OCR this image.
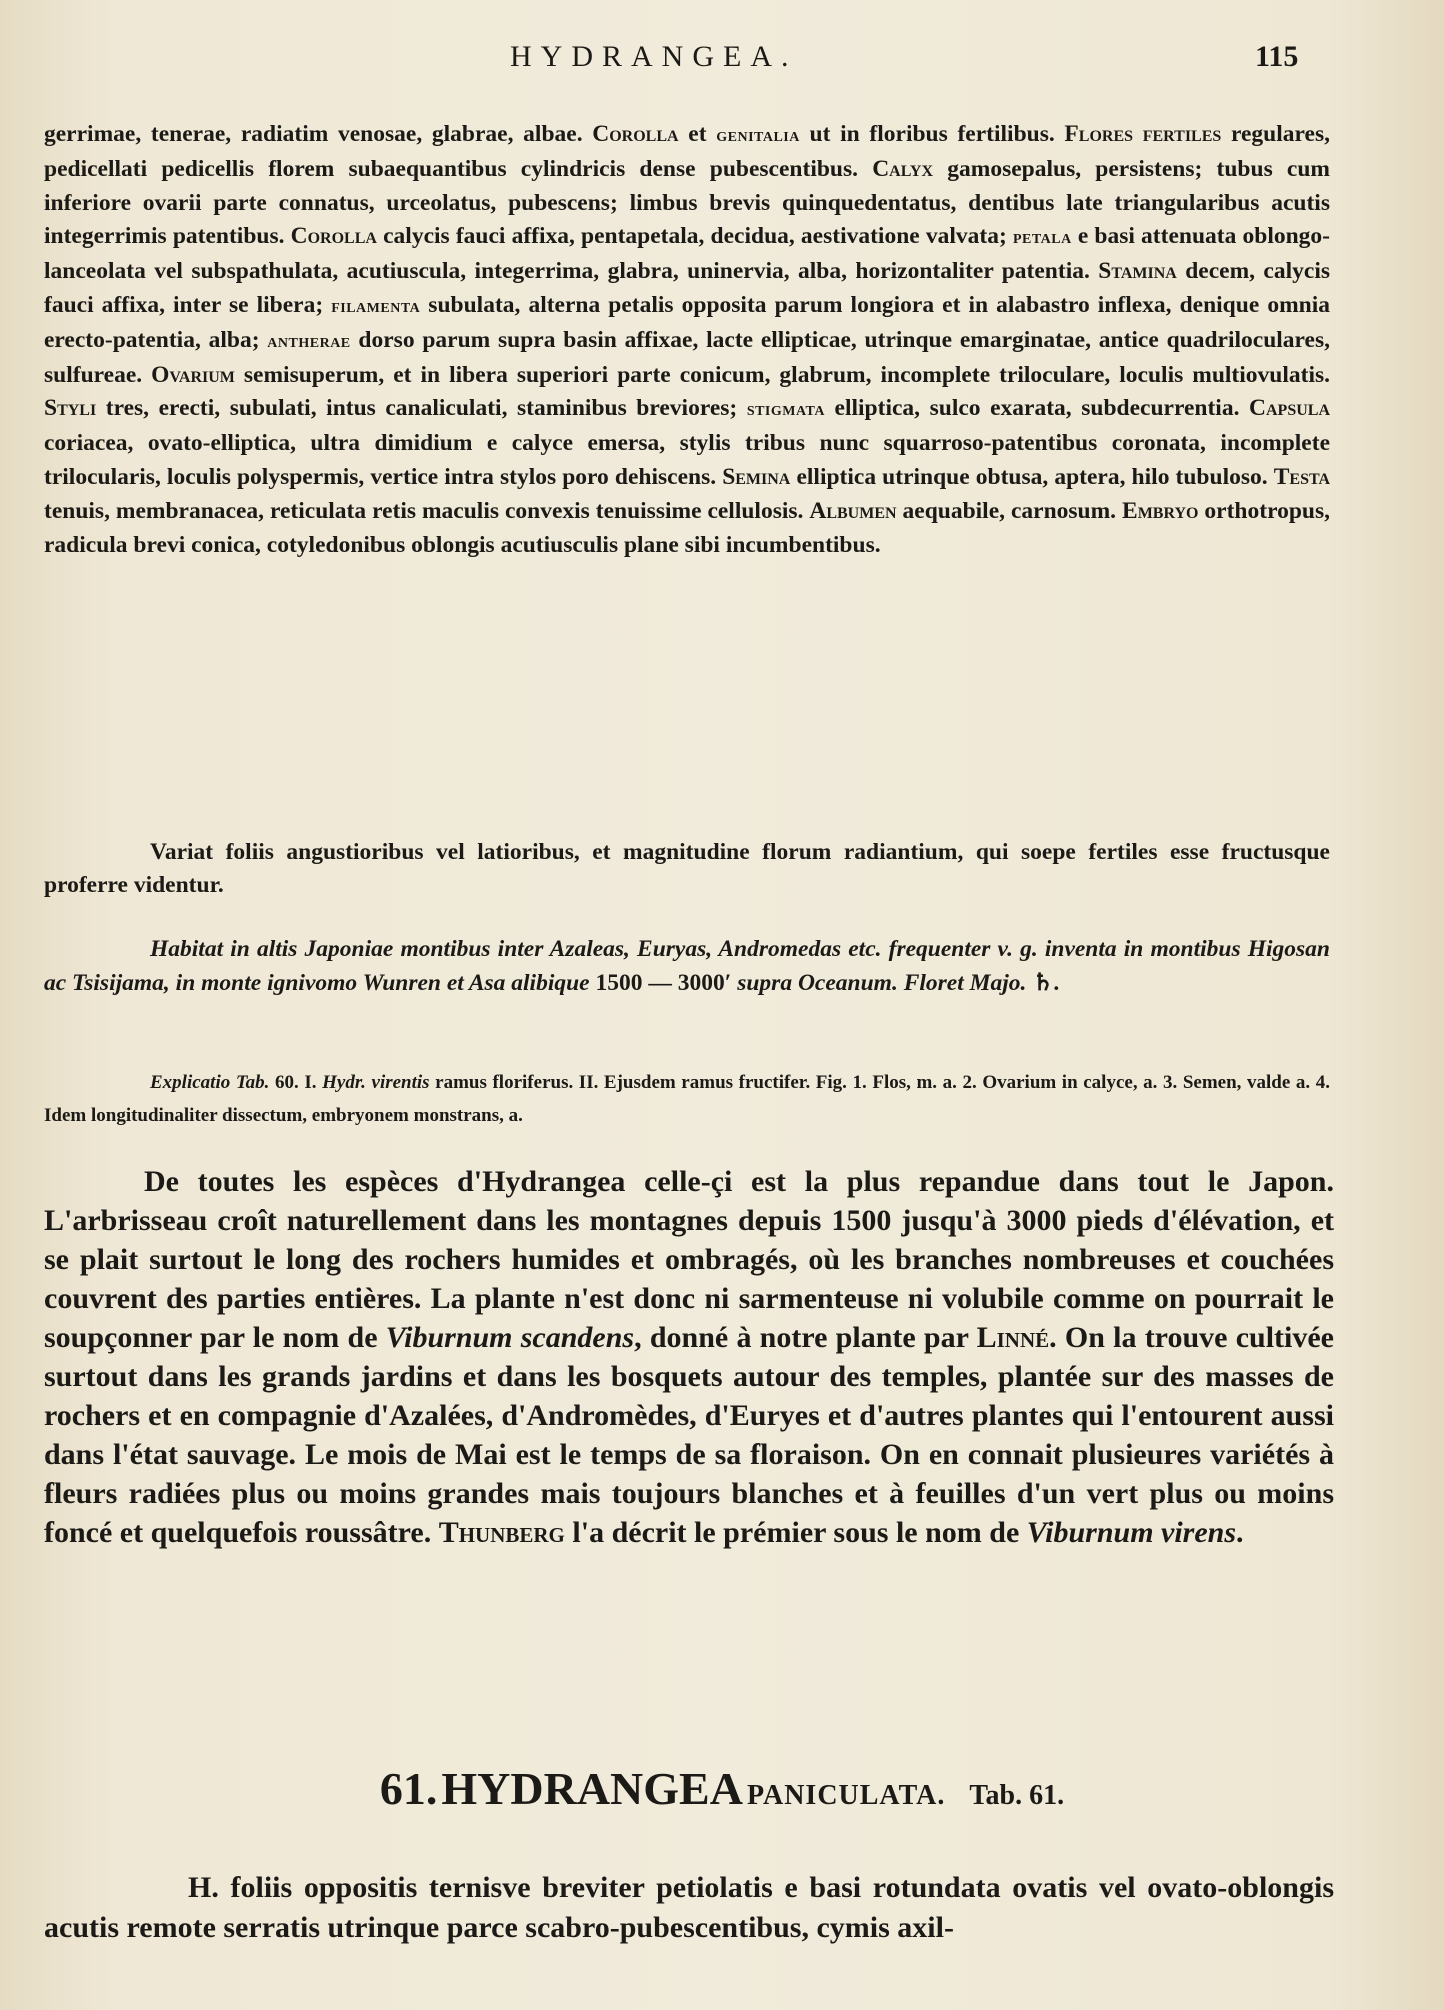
HYDRANGEA.	115

gerrimae, tenerae, radiatim venosae, glabrae, albae. Corolla et genitalia ut in floribus fertilibus. Flores fertiles regulares, pedicellati pedicellis florem subaequantibus cylindricis dense pubescentibus. Calyx gamosepalus, persistens; tubus cum inferiore ovarii parte connatus, urceolatus, pubescens; limbus brevis quinquedentatus, dentibus late triangularibus acutis integerrimis patentibus. Corolla calycis fauci affixa, pentapetala, decidua, aestivatione valvata; petala e basi attenuata oblongo-lanceolata vel subspathulata, acutiuscula, integerrima, glabra, uninervia, alba, horizontaliter patentia. Stamina decem, calycis fauci affixa, inter se libera; filamenta subulata, alterna petalis opposita parum longiora et in alabastro inflexa, denique omnia erecto-patentia, alba; antherae dorso parum supra basin affixae, lacte ellipticae, utrinque emarginatae, antice quadriloculares, sulfureae. Ovarium semisuperum, et in libera superiori parte conicum, glabrum, incomplete triloculare, loculis multiovulatis. Styli tres, erecti, subulati, intus canaliculati, staminibus breviores; stigmata elliptica, sulco exarata, subdecurrentia. Capsula coriacea, ovato-elliptica, ultra dimidium e calyce emersa, stylis tribus nunc squarroso-patentibus coronata, incomplete trilocularis, loculis polyspermis, vertice intra stylos poro dehiscens. Semina elliptica utrinque obtusa, aptera, hilo tubuloso. Testa tenuis, membranacea, reticulata retis maculis convexis tenuissime cellulosis. Albumen aequabile, carnosum. Embryo orthotropus, radicula brevi conica, cotyledonibus oblongis acutiusculis plane sibi incumbentibus.

Variat foliis angustioribus vel latioribus, et magnitudine florum radiantium, qui soepe fertiles esse fructusque proferre videntur.

Habitat in altis Japoniae montibus inter Azaleas, Euryas, Andromedas etc. frequenter v. g. inventa in montibus Higosan ac Tsisijama, in monte ignivomo Wunren et Asa alibique 1500 — 3000′ supra Oceanum. Floret Majo. ♄.

Explicatio Tab. 60. I. Hydr. virentis ramus floriferus. II. Ejusdem ramus fructifer. Fig. 1. Flos, m. a. 2. Ovarium in calyce, a. 3. Semen, valde a. 4. Idem longitudinaliter dissectum, embryonem monstrans, a.

De toutes les espèces d'Hydrangea celle-çi est la plus repandue dans tout le Japon. L'arbrisseau croît naturellement dans les montagnes depuis 1500 jusqu'à 3000 pieds d'élévation, et se plait surtout le long des rochers humides et ombragés, où les branches nombreuses et couchées couvrent des parties entières. La plante n'est donc ni sarmenteuse ni volubile comme on pourrait le soupçonner par le nom de Viburnum scandens, donné à notre plante par Linné. On la trouve cultivée surtout dans les grands jardins et dans les bosquets autour des temples, plantée sur des masses de rochers et en compagnie d'Azalées, d'Andromèdes, d'Euryes et d'autres plantes qui l'entourent aussi dans l'état sauvage. Le mois de Mai est le temps de sa floraison. On en connait plusieures variétés à fleurs radiées plus ou moins grandes mais toujours blanches et à feuilles d'un vert plus ou moins foncé et quelquefois roussâtre. Thunberg l'a décrit le prémier sous le nom de Viburnum virens.

61. HYDRANGEA PANICULATA. Tab. 61.

H. foliis oppositis ternisve breviter petiolatis e basi rotundata ovatis vel ovato-oblongis acutis remote serratis utrinque parce scabro-pubescentibus, cymis axil-
